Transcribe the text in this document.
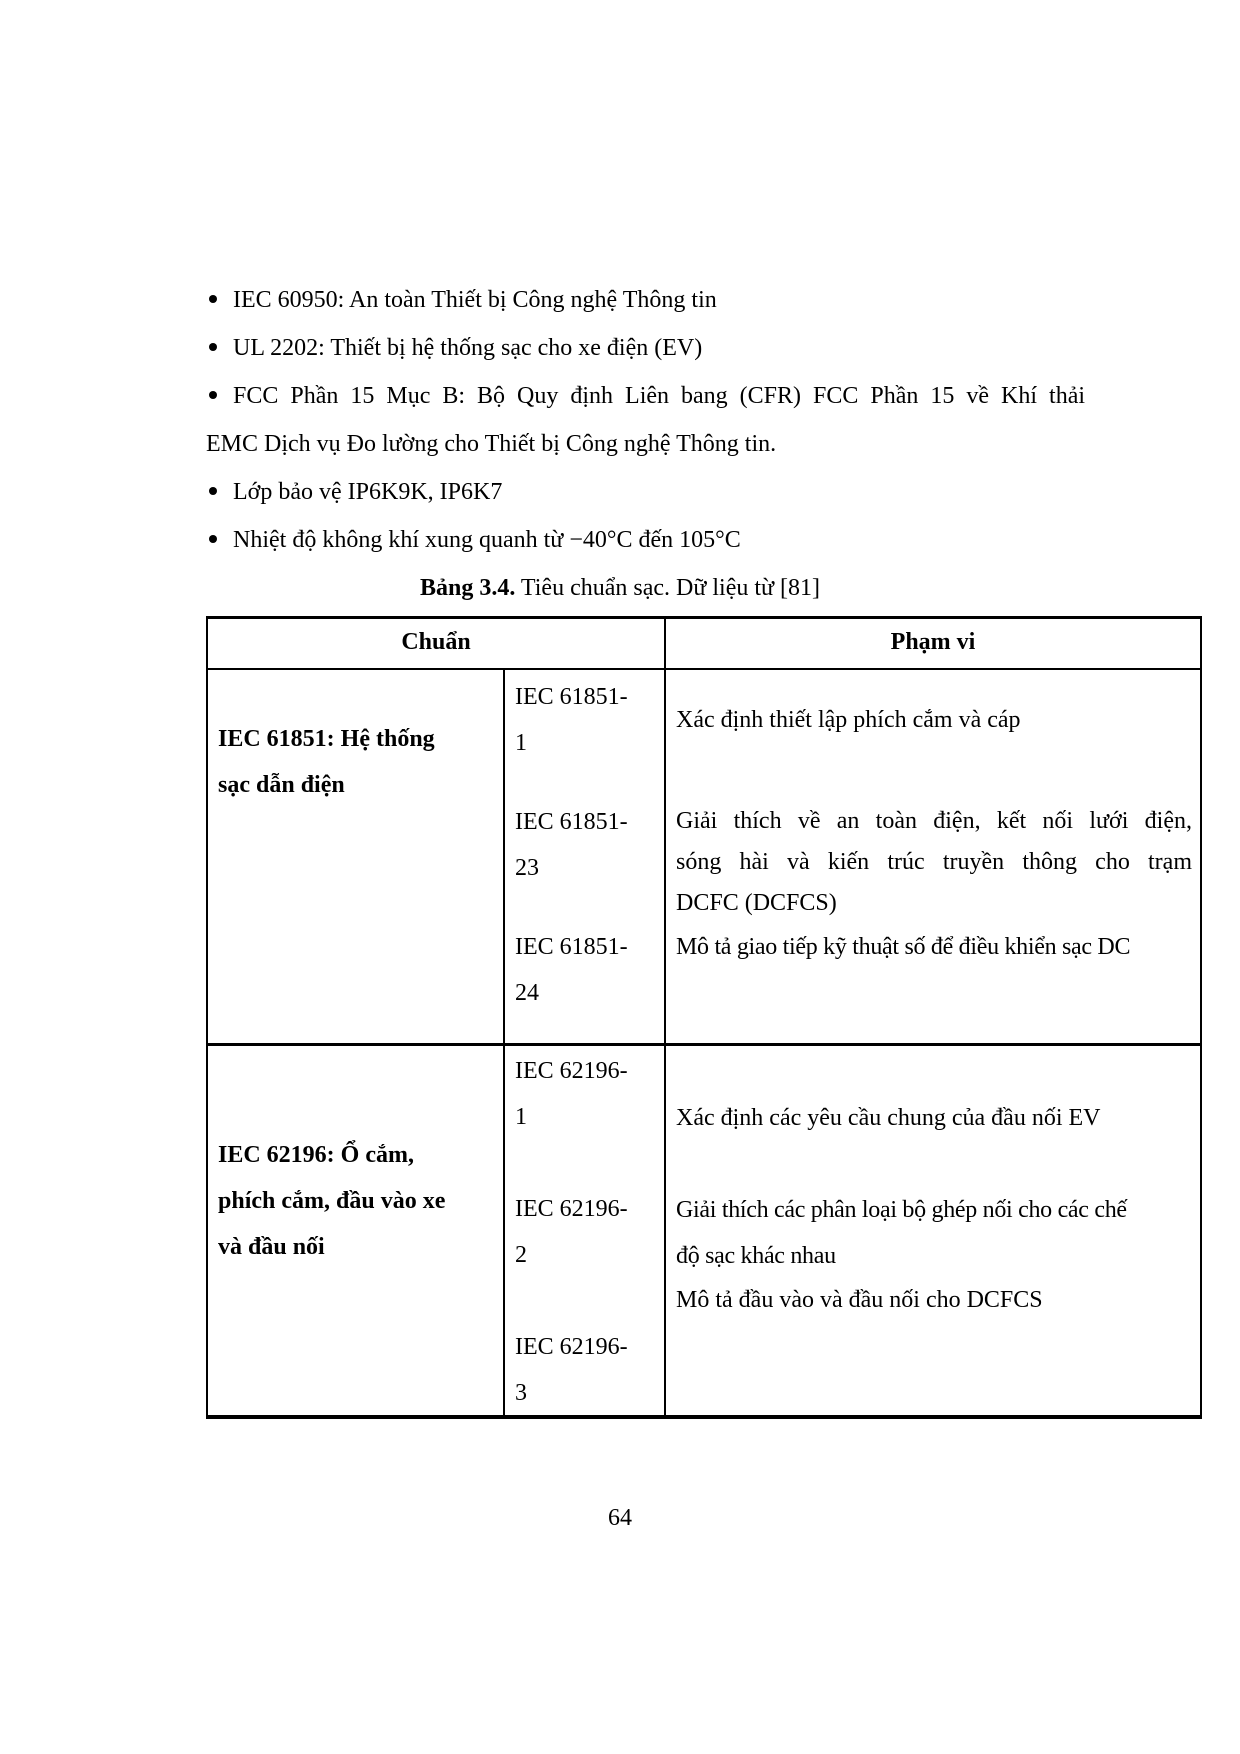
IEC 60950: An toàn Thiết bị Công nghệ Thông tin
UL 2202: Thiết bị hệ thống sạc cho xe điện (EV)
FCC Phần 15 Mục B: Bộ Quy định Liên bang (CFR) FCC Phần 15 về Khí thải
EMC Dịch vụ Đo lường cho Thiết bị Công nghệ Thông tin.
Lớp bảo vệ IP6K9K, IP6K7
Nhiệt độ không khí xung quanh từ −40°C đến 105°C
Bảng 3.4. Tiêu chuẩn sạc. Dữ liệu từ [81]
Chuẩn	Phạm vi
IEC 61851: Hệ thống
sạc dẫn điện
IEC 61851-
1
Xác định thiết lập phích cắm và cáp
IEC 61851-
23
Giải thích về an toàn điện, kết nối lưới điện,
sóng hài và kiến trúc truyền thông cho trạm
DCFC (DCFCS)
IEC 61851-
24
Mô tả giao tiếp kỹ thuật số để điều khiển sạc DC
IEC 62196: Ổ cắm,
phích cắm, đầu vào xe
và đầu nối
IEC 62196-
1	Xác định các yêu cầu chung của đầu nối EV
IEC 62196-
2
Giải thích các phân loại bộ ghép nối cho các chế
độ sạc khác nhau
IEC 62196-
3
Mô tả đầu vào và đầu nối cho DCFCS
64
